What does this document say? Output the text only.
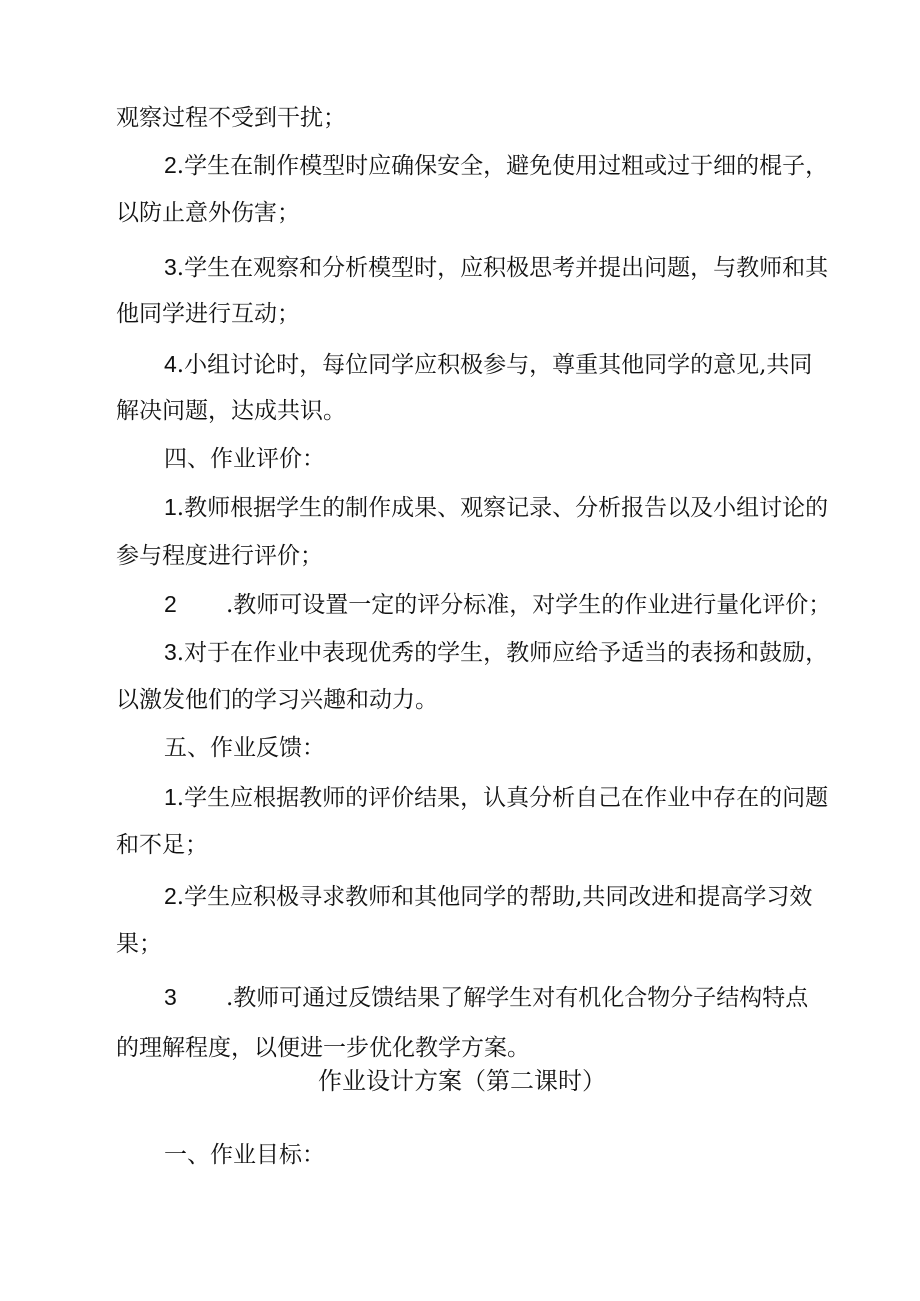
观察过程不受到干扰；
2.学生在制作模型时应确保安全，避免使用过粗或过于细的棍子，
以防止意外伤害；
3.学生在观察和分析模型时，应积极思考并提出问题，与教师和其
他同学进行互动；
4.小组讨论时，每位同学应积极参与，尊重其他同学的意见,共同
解决问题，达成共识。
四、作业评价：
1.教师根据学生的制作成果、观察记录、分析报告以及小组讨论的
参与程度进行评价；
2 .教师可设置一定的评分标准，对学生的作业进行量化评价；
3.对于在作业中表现优秀的学生，教师应给予适当的表扬和鼓励，
以激发他们的学习兴趣和动力。
五、作业反馈：
1.学生应根据教师的评价结果，认真分析自己在作业中存在的问题
和不足；
2.学生应积极寻求教师和其他同学的帮助,共同改进和提高学习效
果；
3 .教师可通过反馈结果了解学生对有机化合物分子结构特点
的理解程度，以便进一步优化教学方案。
作业设计方案（第二课时）
一、作业目标：
